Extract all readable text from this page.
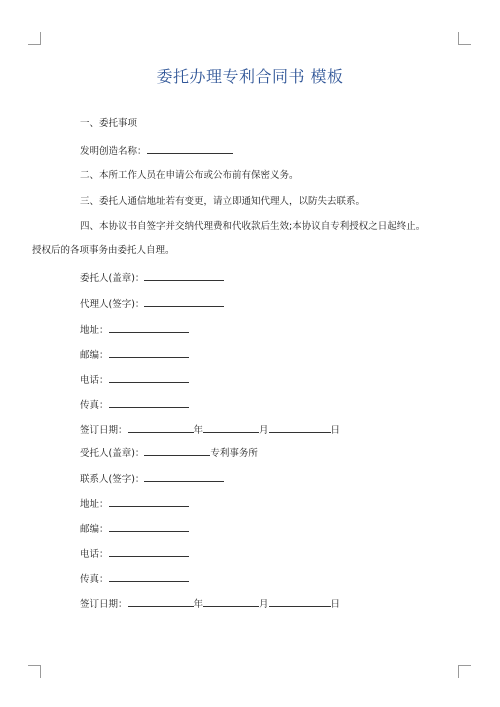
委托办理专利合同书 模板
一、委托事项
发明创造名称：
二、本所工作人员在申请公布或公布前有保密义务。
三、委托人通信地址若有变更，请立即通知代理人，以防失去联系。
四、本协议书自签字并交纳代理费和代收款后生效;本协议自专利授权之日起终止。
授权后的各项事务由委托人自理。
委托人(盖章)：
代理人(签字)：
地址：
邮编：
电话：
传真：
签订日期：	年	月	日
受托人(盖章)：	专利事务所
联系人(签字)：
地址：
邮编：
电话：
传真：
签订日期：	年	月	日
